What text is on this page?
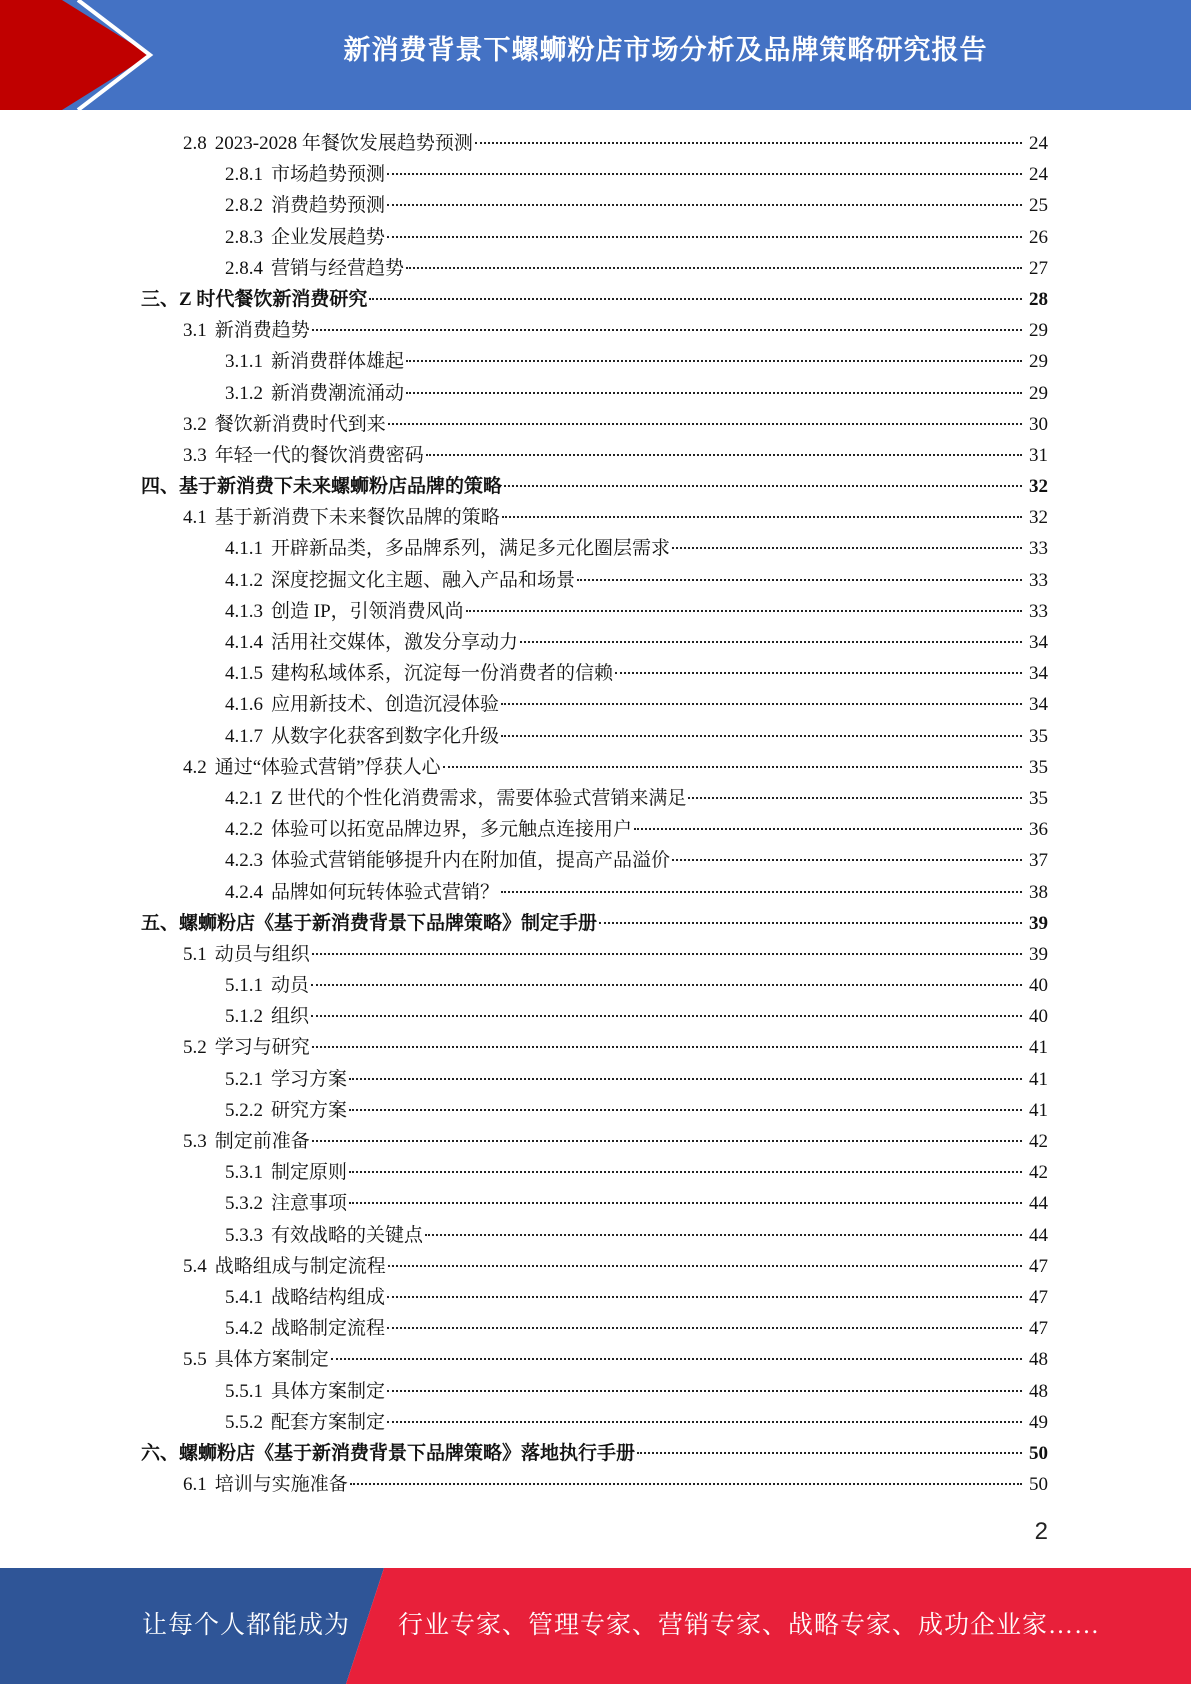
新消费背景下螺蛳粉店市场分析及品牌策略研究报告
2.8 2023-2028 年餐饮发展趋势预测	24
2.8.1 市场趋势预测	24
2.8.2 消费趋势预测	25
2.8.3 企业发展趋势	26
2.8.4 营销与经营趋势	27
三、Z 时代餐饮新消费研究	28
3.1 新消费趋势	29
3.1.1 新消费群体雄起	29
3.1.2 新消费潮流涌动	29
3.2 餐饮新消费时代到来	30
3.3 年轻一代的餐饮消费密码	31
四、基于新消费下未来螺蛳粉店品牌的策略	32
4.1 基于新消费下未来餐饮品牌的策略	32
4.1.1 开辟新品类，多品牌系列，满足多元化圈层需求	33
4.1.2 深度挖掘文化主题、融入产品和场景	33
4.1.3 创造 IP，引领消费风尚	33
4.1.4 活用社交媒体，激发分享动力	34
4.1.5 建构私域体系，沉淀每一份消费者的信赖	34
4.1.6 应用新技术、创造沉浸体验	34
4.1.7 从数字化获客到数字化升级	35
4.2 通过“体验式营销”俘获人心	35
4.2.1 Z 世代的个性化消费需求，需要体验式营销来满足	35
4.2.2 体验可以拓宽品牌边界，多元触点连接用户	36
4.2.3 体验式营销能够提升内在附加值，提高产品溢价	37
4.2.4 品牌如何玩转体验式营销？	38
五、螺蛳粉店《基于新消费背景下品牌策略》制定手册	39
5.1 动员与组织	39
5.1.1 动员	40
5.1.2 组织	40
5.2 学习与研究	41
5.2.1 学习方案	41
5.2.2 研究方案	41
5.3 制定前准备	42
5.3.1 制定原则	42
5.3.2 注意事项	44
5.3.3 有效战略的关键点	44
5.4 战略组成与制定流程	47
5.4.1 战略结构组成	47
5.4.2 战略制定流程	47
5.5 具体方案制定	48
5.5.1 具体方案制定	48
5.5.2 配套方案制定	49
六、螺蛳粉店《基于新消费背景下品牌策略》落地执行手册	50
6.1 培训与实施准备	50
2
让每个人都能成为 行业专家、管理专家、营销专家、战略专家、成功企业家……
